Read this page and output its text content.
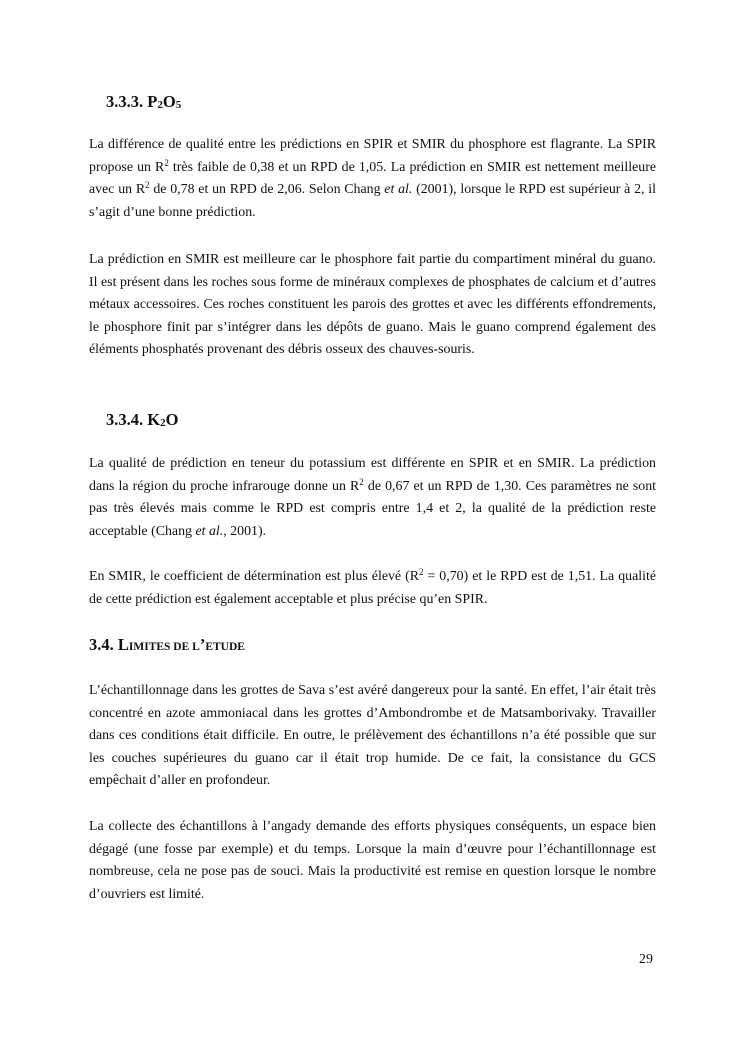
3.3.3. $P_2O_5$
La différence de qualité entre les prédictions en SPIR et SMIR du phosphore est flagrante. La SPIR propose un $R^2$ très faible de 0,38 et un RPD de 1,05. La prédiction en SMIR est nettement meilleure avec un $R^2$ de 0,78 et un RPD de 2,06. Selon Chang et al. (2001), lorsque le RPD est supérieur à 2, il s’agit d’une bonne prédiction.
La prédiction en SMIR est meilleure car le phosphore fait partie du compartiment minéral du guano. Il est présent dans les roches sous forme de minéraux complexes de phosphates de calcium et d’autres métaux accessoires. Ces roches constituent les parois des grottes et avec les différents effondrements, le phosphore finit par s’intégrer dans les dépôts de guano. Mais le guano comprend également des éléments phosphatés provenant des débris osseux des chauves-souris.
3.3.4. $K_2O$
La qualité de prédiction en teneur du potassium est différente en SPIR et en SMIR. La prédiction dans la région du proche infrarouge donne un $R^2$ de 0,67 et un RPD de 1,30. Ces paramètres ne sont pas très élevés mais comme le RPD est compris entre 1,4 et 2, la qualité de la prédiction reste acceptable (Chang et al., 2001).
En SMIR, le coefficient de détermination est plus élevé $(R^2 = 0,70)$ et le RPD est de 1,51. La qualité de cette prédiction est également acceptable et plus précise qu’en SPIR.
3.4. LIMITES DE L’ETUDE
L’échantillonnage dans les grottes de Sava s’est avéré dangereux pour la santé. En effet, l’air était très concentré en azote ammoniacal dans les grottes d’Ambondrombe et de Matsamborivaky. Travailler dans ces conditions était difficile. En outre, le prélèvement des échantillons n’a été possible que sur les couches supérieures du guano car il était trop humide. De ce fait, la consistance du GCS empêchait d’aller en profondeur.
La collecte des échantillons à l’angady demande des efforts physiques conséquents, un espace bien dégagé (une fosse par exemple) et du temps. Lorsque la main d’œuvre pour l’échantillonnage est nombreuse, cela ne pose pas de souci. Mais la productivité est remise en question lorsque le nombre d’ouvriers est limité.
29
